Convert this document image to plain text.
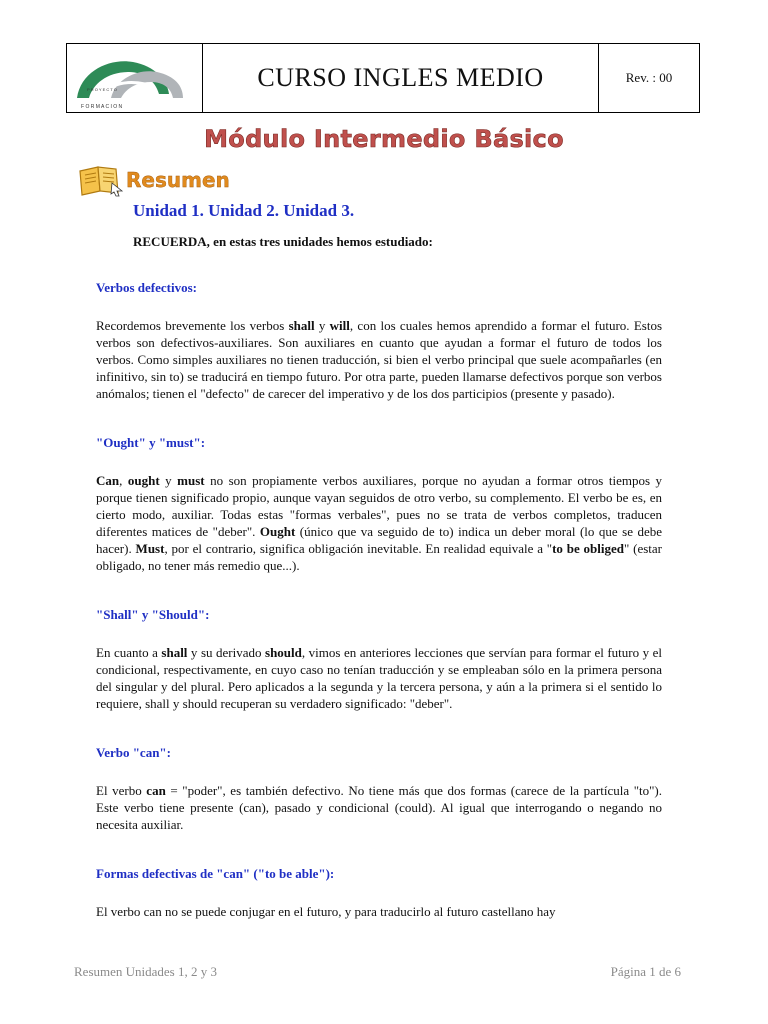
P R O Y E C T O
F O R M A C I O N
CURSO INGLES MEDIO	Rev. : 00
Módulo Intermedio Básico
Resumen
Unidad 1. Unidad 2. Unidad 3.
RECUERDA, en estas tres unidades hemos estudiado:

Verbos defectivos:

Recordemos brevemente los verbos shall y will, con los cuales hemos aprendido a formar el futuro. Estos verbos son defectivos-auxiliares. Son auxiliares en cuanto que ayudan a formar el futuro de todos los verbos. Como simples auxiliares no tienen traducción, si bien el verbo principal que suele acompañarles (en infinitivo, sin to) se traducirá en tiempo futuro. Por otra parte, pueden llamarse defectivos porque son verbos anómalos; tienen el "defecto" de carecer del imperativo y de los dos participios (presente y pasado).

"Ought" y "must":

Can, ought y must no son propiamente verbos auxiliares, porque no ayudan a formar otros tiempos y porque tienen significado propio, aunque vayan seguidos de otro verbo, su complemento. El verbo be es, en cierto modo, auxiliar. Todas estas "formas verbales", pues no se trata de verbos completos, traducen diferentes matices de "deber". Ought (único que va seguido de to) indica un deber moral (lo que se debe hacer). Must, por el contrario, significa obligación inevitable. En realidad equivale a "to be obliged" (estar obligado, no tener más remedio que...).

"Shall" y "Should":

En cuanto a shall y su derivado should, vimos en anteriores lecciones que servían para formar el futuro y el condicional, respectivamente, en cuyo caso no tenían traducción y se empleaban sólo en la primera persona del singular y del plural. Pero aplicados a la segunda y la tercera persona, y aún a la primera si el sentido lo requiere, shall y should recuperan su verdadero significado: "deber".

Verbo "can":

El verbo can = "poder", es también defectivo. No tiene más que dos formas (carece de la partícula "to"). Este verbo tiene presente (can), pasado y condicional (could). Al igual que interrogando o negando no necesita auxiliar.

Formas defectivas de "can" ("to be able"):

El verbo can no se puede conjugar en el futuro, y para traducirlo al futuro castellano hay

Resumen Unidades 1, 2 y 3	Página 1 de 6
